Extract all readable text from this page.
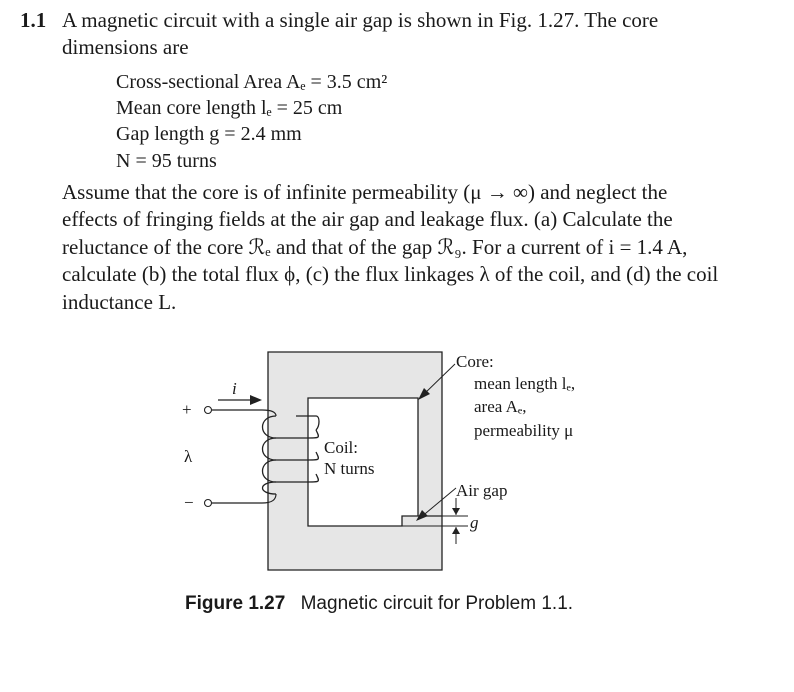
1.1 A magnetic circuit with a single air gap is shown in Fig. 1.27. The core
dimensions are
Cross-sectional Area Aₑ = 3.5 cm²
Mean core length lₑ = 25 cm
Gap length g = 2.4 mm
N = 95 turns
Assume that the core is of infinite permeability (μ → ∞) and neglect the
effects of fringing fields at the air gap and leakage flux. (a) Calculate the
reluctance of the core ℛₑ and that of the gap ℛ₉. For a current of i = 1.4 A,
calculate (b) the total flux ϕ, (c) the flux linkages λ of the coil, and (d) the coil
inductance L.
Core:
mean length lₑ,
area Aₑ,
permeability μ
Coil:
N turns
Air gap
g
i
+
λ
−
Figure 1.27 Magnetic circuit for Problem 1.1.
